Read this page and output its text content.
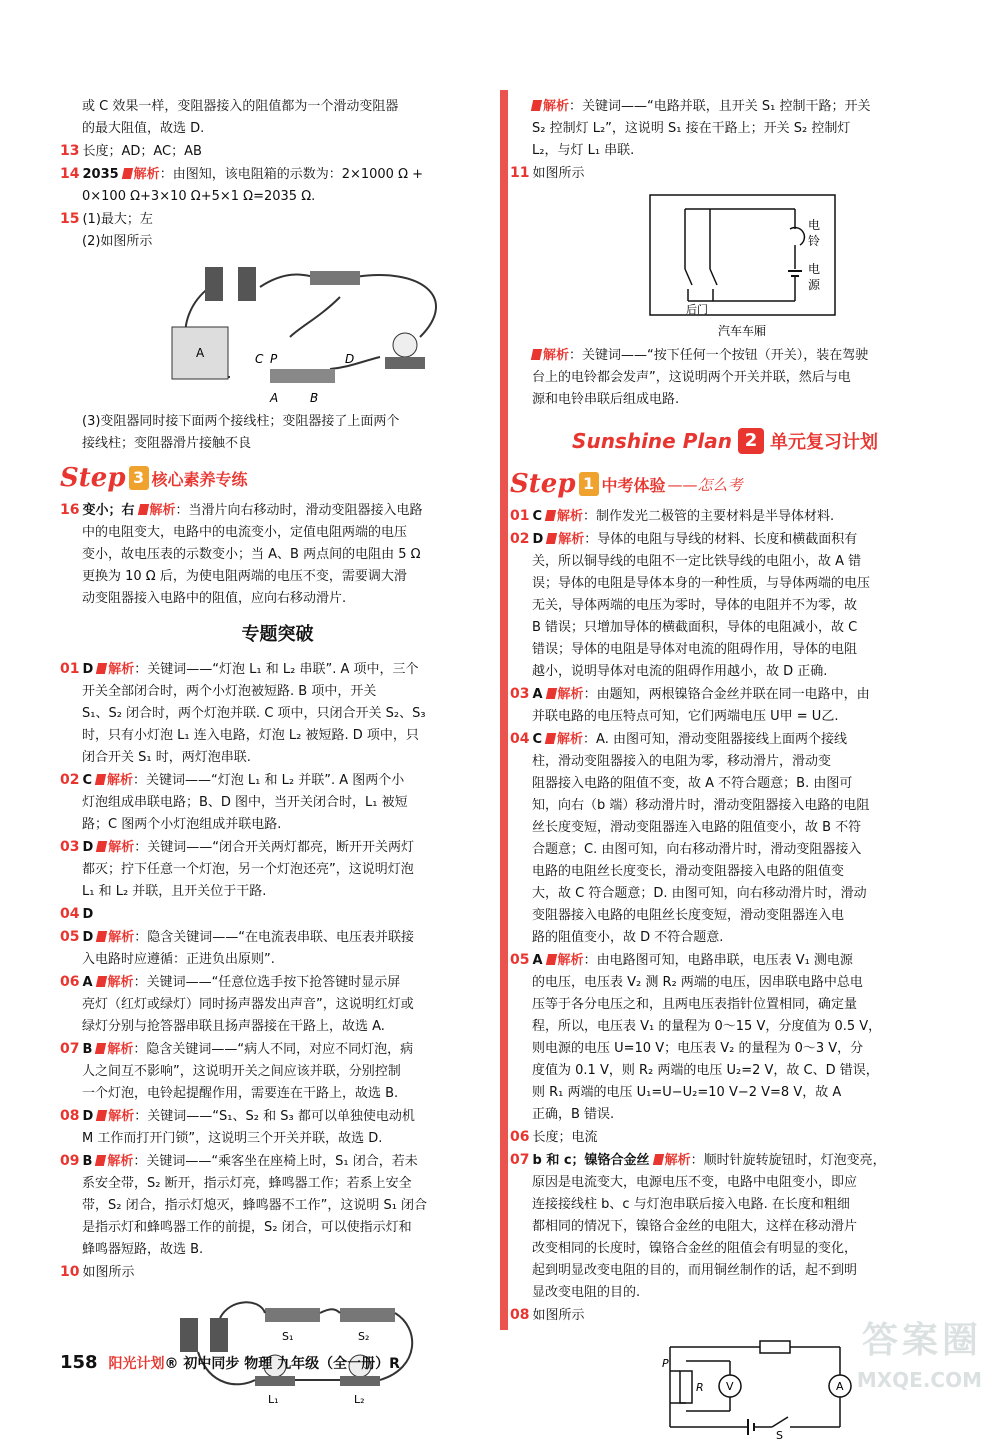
或 C 效果一样，变阻器接入的阻值都为一个滑动变阻器
的最大阻值，故选 D.
13 长度；AD；AC；AB
14 2035 解析：由图知，该电阻箱的示数为：2×1000 Ω +
0×100 Ω+3×10 Ω+5×1 Ω=2035 Ω.
15 (1)最大；左
(2)如图所示
A	C P	D
A	B
(3)变阻器同时接下面两个接线柱；变阻器接了上面两个
接线柱；变阻器滑片接触不良
Step 3 核心素养专练
16 变小；右 解析：当滑片向右移动时，滑动变阻器接入电路
中的电阻变大，电路中的电流变小，定值电阻两端的电压
变小，故电压表的示数变小；当 A、B 两点间的电阻由 5 Ω
更换为 10 Ω 后，为使电阻两端的电压不变，需要调大滑
动变阻器接入电路中的阻值，应向右移动滑片.
专题突破
01 D 解析：关键词——“灯泡 L₁ 和 L₂ 串联”. A 项中，三个
开关全部闭合时，两个小灯泡被短路. B 项中，开关
S₁、S₂ 闭合时，两个灯泡并联. C 项中，只闭合开关 S₂、S₃
时，只有小灯泡 L₁ 连入电路，灯泡 L₂ 被短路. D 项中，只
闭合开关 S₁ 时，两灯泡串联.
02 C 解析：关键词——“灯泡 L₁ 和 L₂ 并联”. A 图两个小
灯泡组成串联电路；B、D 图中，当开关闭合时，L₁ 被短
路；C 图两个小灯泡组成并联电路.
03 D 解析：关键词——“闭合开关两灯都亮，断开开关两灯
都灭；拧下任意一个灯泡，另一个灯泡还亮”，这说明灯泡
L₁ 和 L₂ 并联，且开关位于干路.
04 D
05 D 解析：隐含关键词——“在电流表串联、电压表并联接
入电路时应遵循：正进负出原则”.
06 A 解析：关键词——“任意位选手按下抢答键时显示屏
亮灯（红灯或绿灯）同时扬声器发出声音”，这说明红灯或
绿灯分别与抢答器串联且扬声器接在干路上，故选 A.
07 B 解析：隐含关键词——“病人不同，对应不同灯泡，病
人之间互不影响”，这说明开关之间应该并联，分别控制
一个灯泡，电铃起提醒作用，需要连在干路上，故选 B.
08 D 解析：关键词——“S₁、S₂ 和 S₃ 都可以单独使电动机
M 工作而打开门锁”，这说明三个开关并联，故选 D.
09 B 解析：关键词——“乘客坐在座椅上时，S₁ 闭合，若未
系安全带，S₂ 断开，指示灯亮，蜂鸣器工作；若系上安全
带，S₂ 闭合，指示灯熄灭，蜂鸣器不工作”，这说明 S₁ 闭合
是指示灯和蜂鸣器工作的前提，S₂ 闭合，可以使指示灯和
蜂鸣器短路，故选 B.
10 如图所示
S₁	S₂
L₁	L₂
解析：关键词——“电路并联，且开关 S₁ 控制干路；开关
S₂ 控制灯 L₂”，这说明 S₁ 接在干路上；开关 S₂ 控制灯
L₂，与灯 L₁ 串联.
11 如图所示
电
铃
电
源
后门
汽车车厢
解析：关键词——“按下任何一个按钮（开关），装在驾驶
台上的电铃都会发声”，这说明两个开关并联，然后与电
源和电铃串联后组成电路.
Sunshine Plan 2 单元复习计划
Step 1 中考体验 ——怎么考
01 C 解析：制作发光二极管的主要材料是半导体材料.
02 D 解析：导体的电阻与导线的材料、长度和横截面积有
关，所以铜导线的电阻不一定比铁导线的电阻小，故 A 错
误；导体的电阻是导体本身的一种性质，与导体两端的电压
无关，导体两端的电压为零时，导体的电阻并不为零，故
B 错误；只增加导体的横截面积，导体的电阻减小，故 C
错误；导体的电阻是导体对电流的阻碍作用，导体的电阻
越小，说明导体对电流的阻碍作用越小，故 D 正确.
03 A 解析：由题知，两根镍铬合金丝并联在同一电路中，由
并联电路的电压特点可知，它们两端电压 U甲 = U乙.
04 C 解析：A. 由图可知，滑动变阻器接线上面两个接线
柱，滑动变阻器接入的电阻为零，移动滑片，滑动变
阻器接入电路的阻值不变，故 A 不符合题意；B. 由图可
知，向右（b 端）移动滑片时，滑动变阻器接入电路的电阻
丝长度变短，滑动变阻器连入电路的阻值变小，故 B 不符
合题意；C. 由图可知，向右移动滑片时，滑动变阻器接入
电路的电阻丝长度变长，滑动变阻器接入电路的阻值变
大，故 C 符合题意；D. 由图可知，向右移动滑片时，滑动
变阻器接入电路的电阻丝长度变短，滑动变阻器连入电
路的阻值变小，故 D 不符合题意.
05 A 解析：由电路图可知，电路串联，电压表 V₁ 测电源
的电压，电压表 V₂ 测 R₂ 两端的电压，因串联电路中总电
压等于各分电压之和，且两电压表指针位置相同，确定量
程，所以，电压表 V₁ 的量程为 0～15 V，分度值为 0.5 V，
则电源的电压 U=10 V；电压表 V₂ 的量程为 0～3 V，分
度值为 0.1 V，则 R₂ 两端的电压 U₂=2 V，故 C、D 错误，
则 R₁ 两端的电压 U₁=U−U₂=10 V−2 V=8 V，故 A
正确，B 错误.
06 长度；电流
07 b 和 c；镍铬合金丝 解析：顺时针旋转旋钮时，灯泡变亮，
原因是电流变大，电源电压不变，电路中电阻变小，即应
连接接线柱 b、c 与灯泡串联后接入电路. 在长度和粗细
都相同的情况下，镍铬合金丝的电阻大，这样在移动滑片
改变相同的长度时，镍铬合金丝的阻值会有明显的变化，
起到明显改变电阻的目的，而用铜丝制作的话，起不到明
显改变电阻的目的.
08 如图所示
P
R V	A
S
158 阳光计划® 初中同步 物理 九年级（全一册）R
答案圈
MXQE.COM
